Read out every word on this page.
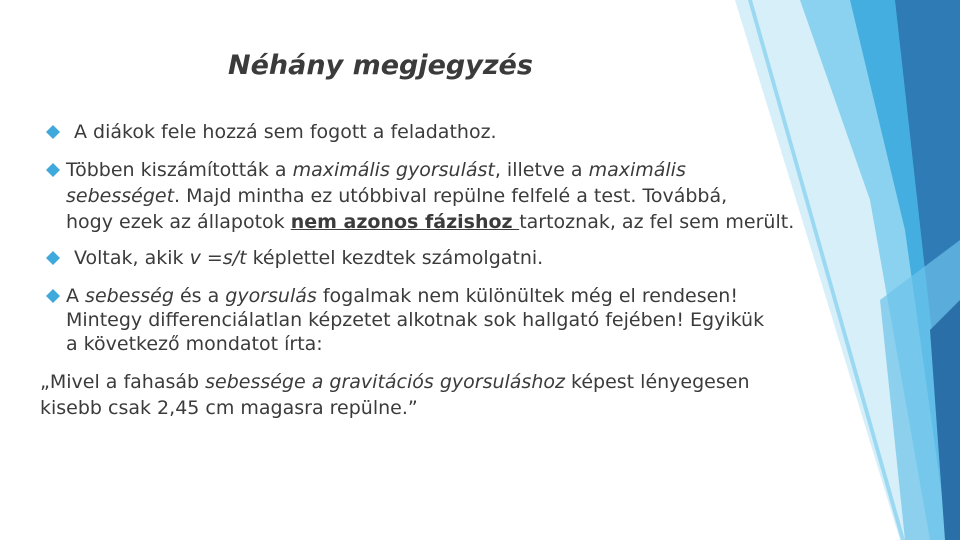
Néhány megjegyzés
A diákok fele hozzá sem fogott a feladathoz.
Többen kiszámították a maximális gyorsulást, illetve a maximális
sebességet. Majd mintha ez utóbbival repülne felfelé a test. Továbbá,
hogy ezek az állapotok nem azonos fázishoz tartoznak, az fel sem merült.
Voltak, akik v =s/t képlettel kezdtek számolgatni.
A sebesség és a gyorsulás fogalmak nem különültek még el rendesen!
Mintegy differenciálatlan képzetet alkotnak sok hallgató fejében! Egyikük
a következő mondatot írta:
„Mivel a fahasáb sebessége a gravitációs gyorsuláshoz képest lényegesen
kisebb csak 2,45 cm magasra repülne.”
